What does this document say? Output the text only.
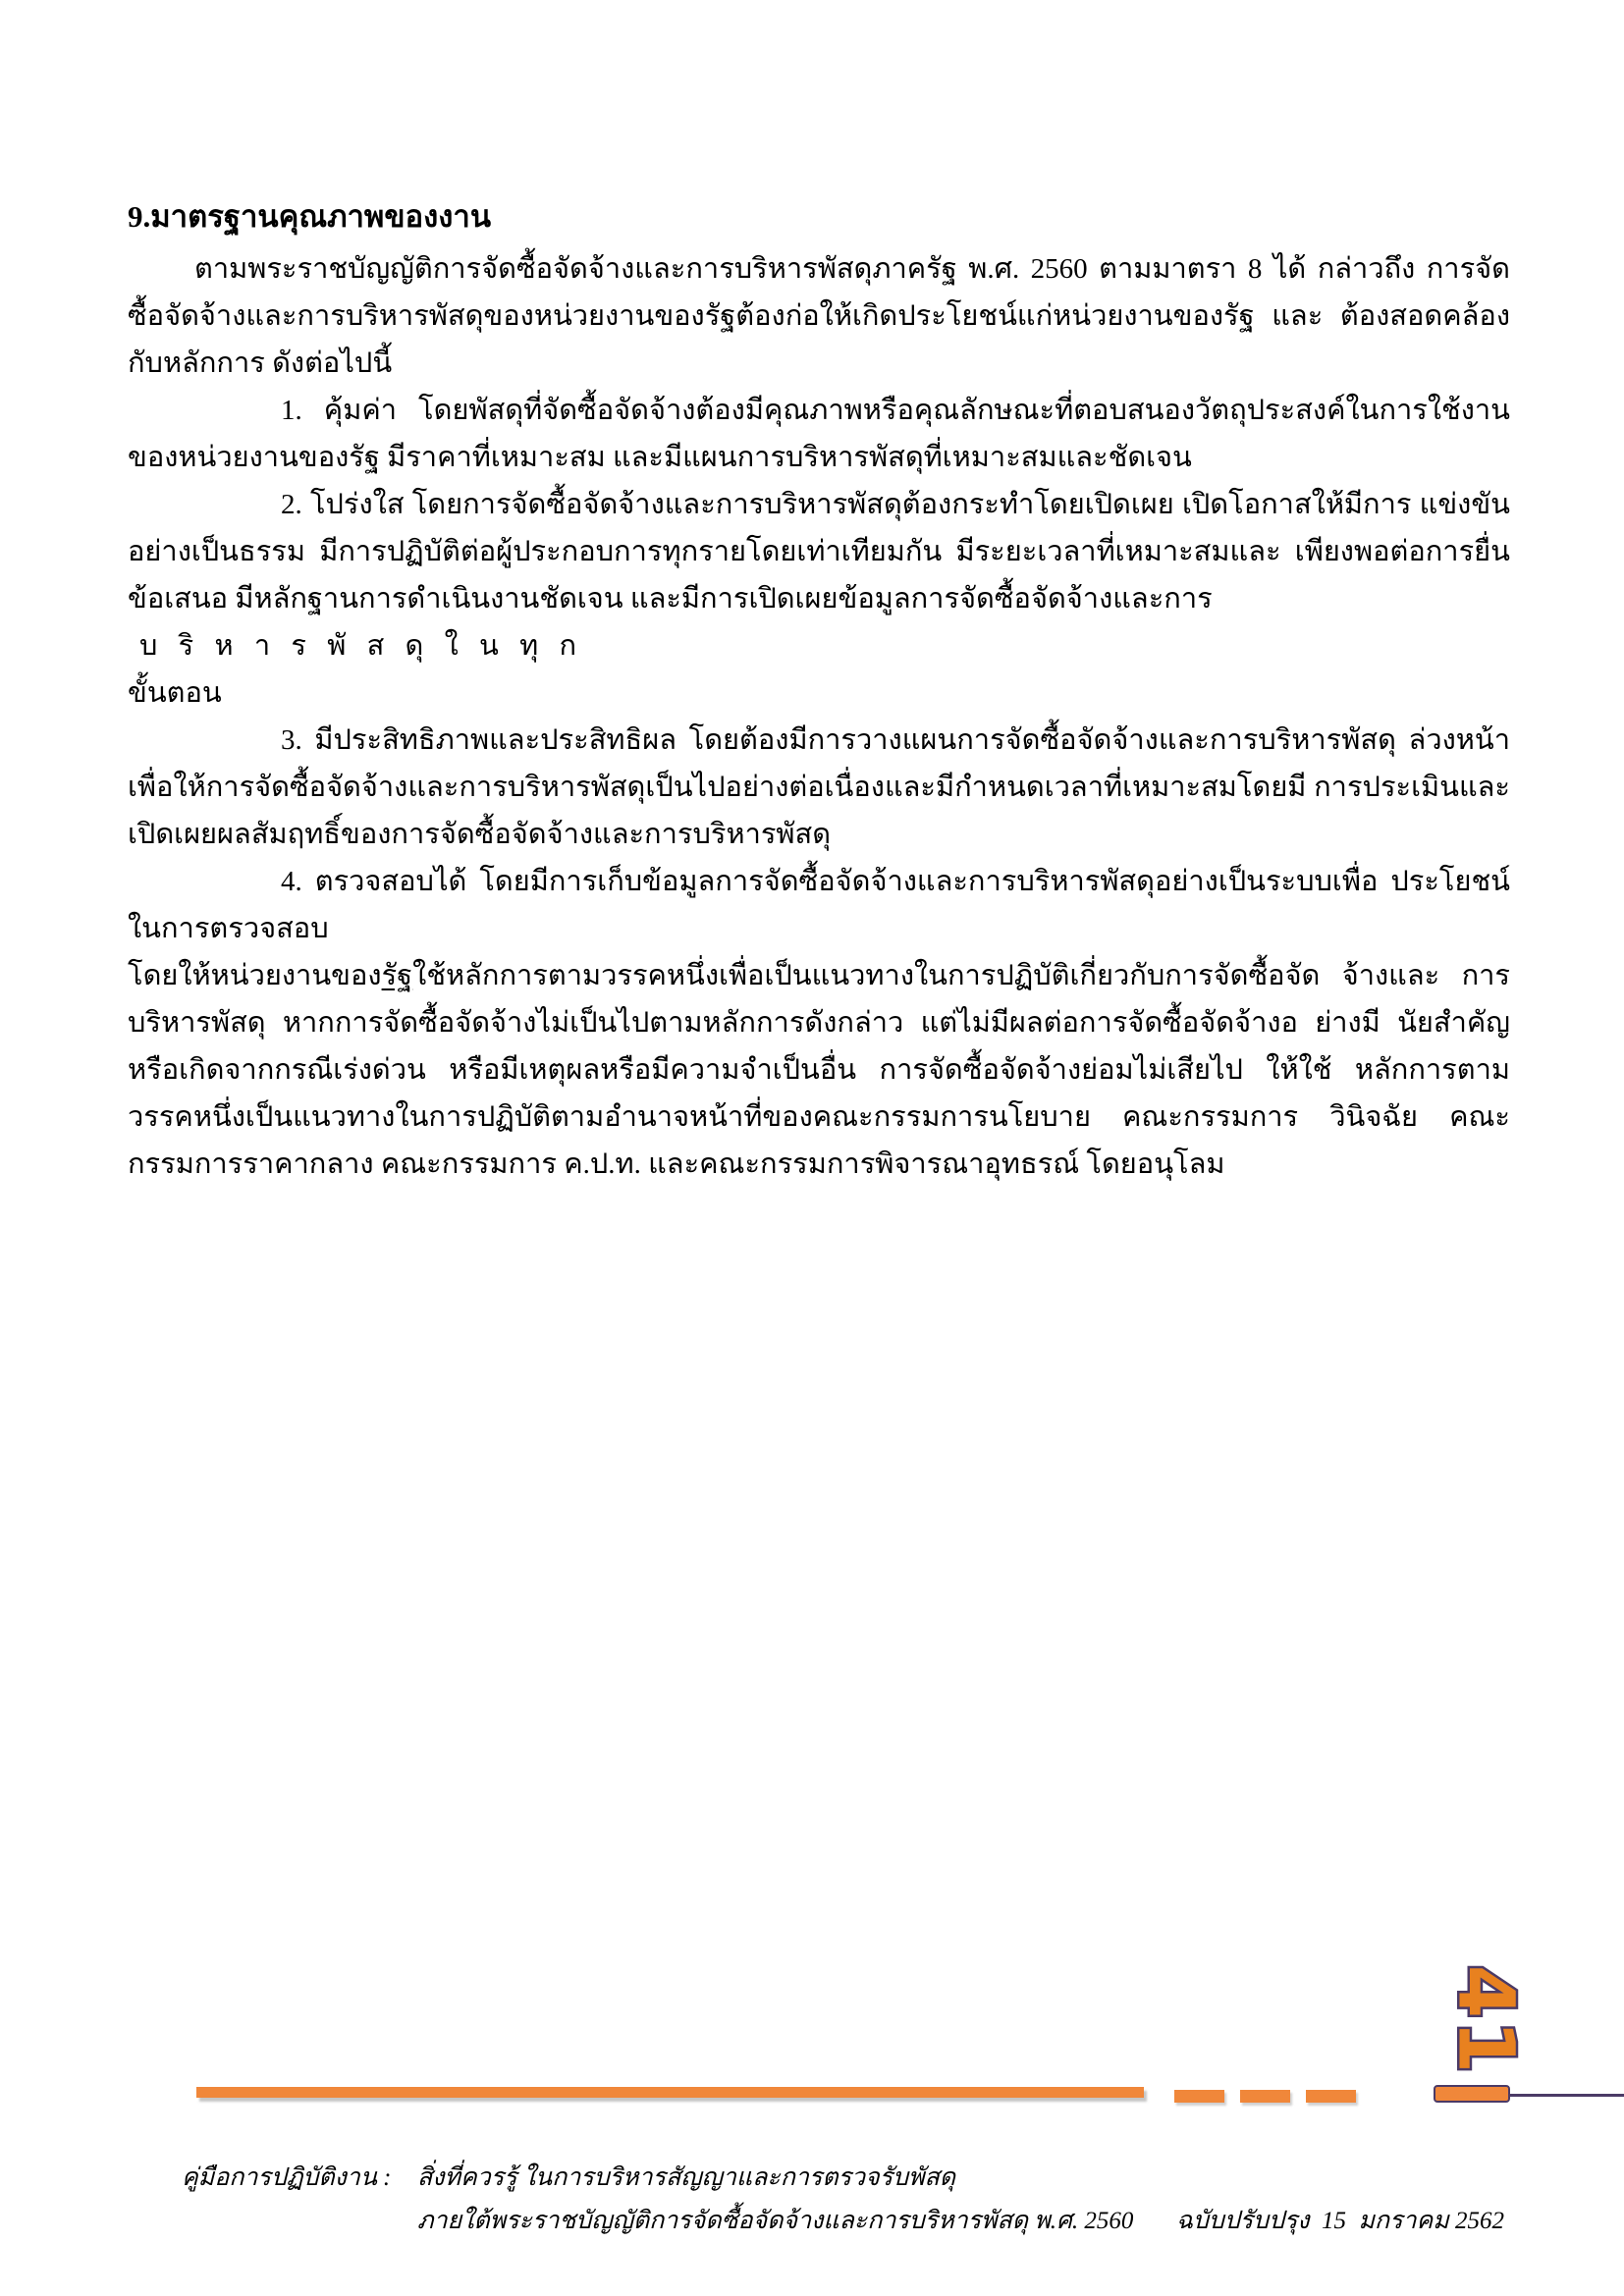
9.มาตรฐานคุณภาพของงาน

ตามพระราชบัญญัติการจัดซื้อจัดจ้างและการบริหารพัสดุภาครัฐ พ.ศ. 2560 ตามมาตรา 8 ได้ กล่าวถึง การจัดซื้อจัดจ้างและการบริหารพัสดุของหน่วยงานของรัฐต้องก่อให้เกิดประโยชน์แก่หน่วยงานของรัฐ และ ต้องสอดคล้องกับหลักการ ดังต่อไปนี้

1. คุ้มค่า โดยพัสดุที่จัดซื้อจัดจ้างต้องมีคุณภาพหรือคุณลักษณะที่ตอบสนองวัตถุประสงค์ในการใช้งาน ของหน่วยงานของรัฐ มีราคาที่เหมาะสม และมีแผนการบริหารพัสดุที่เหมาะสมและชัดเจน

2. โปร่งใส โดยการจัดซื้อจัดจ้างและการบริหารพัสดุต้องกระทำโดยเปิดเผย เปิดโอกาสให้มีการ แข่งขันอย่างเป็นธรรม มีการปฏิบัติต่อผู้ประกอบการทุกรายโดยเท่าเทียมกัน มีระยะเวลาที่เหมาะสมและ เพียงพอต่อการยื่นข้อเสนอ มีหลักฐานการดำเนินงานชัดเจน และมีการเปิดเผยข้อมูลการจัดซื้อจัดจ้างและการ

บ ริ ห า ร พั ส ดุ ใ น ทุ ก

ขั้นตอน

3. มีประสิทธิภาพและประสิทธิผล โดยต้องมีการวางแผนการจัดซื้อจัดจ้างและการบริหารพัสดุ ล่วงหน้าเพื่อให้การจัดซื้อจัดจ้างและการบริหารพัสดุเป็นไปอย่างต่อเนื่องและมีกำหนดเวลาที่เหมาะสมโดยมี การประเมินและเปิดเผยผลสัมฤทธิ์ของการจัดซื้อจัดจ้างและการบริหารพัสดุ

4. ตรวจสอบได้ โดยมีการเก็บข้อมูลการจัดซื้อจัดจ้างและการบริหารพัสดุอย่างเป็นระบบเพื่อ ประโยชน์ในการตรวจสอบ

โดยให้หน่วยงานของรัฐใช้หลักการตามวรรคหนึ่งเพื่อเป็นแนวทางในการปฏิบัติเกี่ยวกับการจัดซื้อจัด จ้างและ การบริหารพัสดุ หากการจัดซื้อจัดจ้างไม่เป็นไปตามหลักการดังกล่าว แต่ไม่มีผลต่อการจัดซื้อจัดจ้างอ ย่างมี นัยสำคัญ หรือเกิดจากกรณีเร่งด่วน หรือมีเหตุผลหรือมีความจำเป็นอื่น การจัดซื้อจัดจ้างย่อมไม่เสียไป ให้ใช้ หลักการตามวรรคหนึ่งเป็นแนวทางในการปฏิบัติตามอำนาจหน้าที่ของคณะกรรมการนโยบาย คณะกรรมการ วินิจฉัย คณะกรรมการราคากลาง คณะกรรมการ ค.ป.ท. และคณะกรรมการพิจารณาอุทธรณ์ โดยอนุโลม

41
คู่มือการปฏิบัติงาน : สิ่งที่ควรรู้ ในการบริหารสัญญาและการตรวจรับพัสดุ
ภายใต้พระราชบัญญัติการจัดซื้อจัดจ้างและการบริหารพัสดุ พ.ศ. 2560 ฉบับปรับปรุง  15  มกราคม 2562
